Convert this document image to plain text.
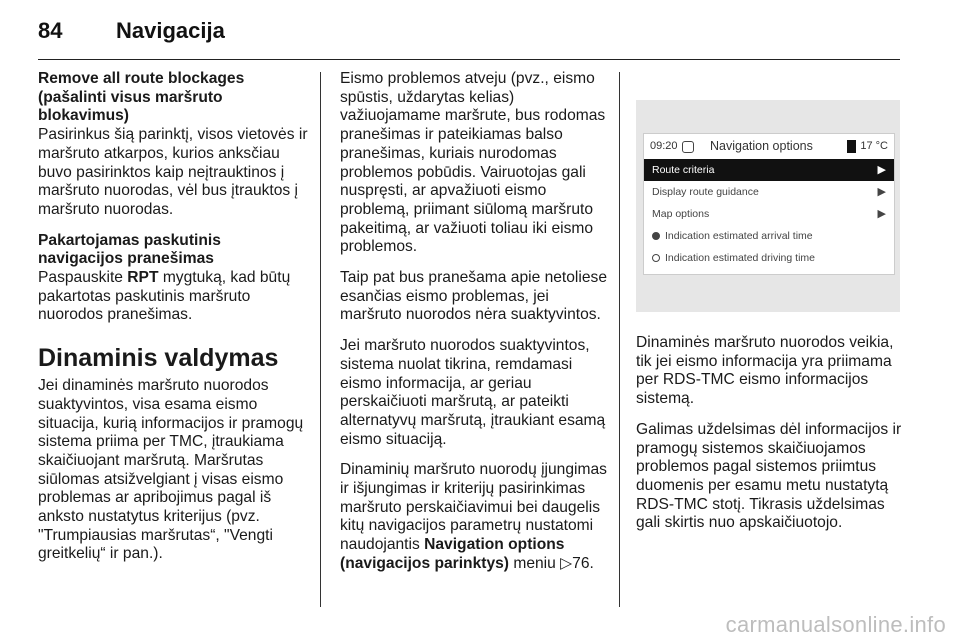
84 Navigacija

Remove all route blockages (pašalinti visus maršruto blokavimus)

Pasirinkus šią parinktį, visos vietovės ir maršruto atkarpos, kurios anksčiau buvo pasirinktos kaip neįtrauktinos į maršruto nuorodas, vėl bus įtrauktos į maršruto nuorodas.

Pakartojamas paskutinis navigacijos pranešimas

Paspauskite RPT mygtuką, kad būtų pakartotas paskutinis maršruto nuorodos pranešimas.

Dinaminis valdymas

Jei dinaminės maršruto nuorodos suaktyvintos, visa esama eismo situacija, kurią informacijos ir pramogų sistema priima per TMC, įtraukiama skaičiuojant maršrutą. Maršrutas siūlomas atsižvelgiant į visas eismo problemas ar apribojimus pagal iš anksto nustatytus kriterijus (pvz. "Trumpiausias maršrutas“, "Vengti greitkelių“ ir pan.).

Eismo problemos atveju (pvz., eismo spūstis, uždarytas kelias) važiuojamame maršrute, bus rodomas pranešimas ir pateikiamas balso pranešimas, kuriais nurodomas problemos pobūdis. Vairuotojas gali nuspręsti, ar apvažiuoti eismo problemą, priimant siūlomą maršruto pakeitimą, ar važiuoti toliau iki eismo problemos.

Taip pat bus pranešama apie netoliese esančias eismo problemas, jei maršruto nuorodos nėra suaktyvintos.

Jei maršruto nuorodos suaktyvintos, sistema nuolat tikrina, remdamasi eismo informacija, ar geriau perskaičiuoti maršrutą, ar pateikti alternatyvų maršrutą, įtraukiant esamą eismo situaciją.

Dinaminių maršruto nuorodų įjungimas ir išjungimas ir kriterijų pasirinkimas maršruto perskaičiavimui bei daugelis kitų navigacijos parametrų nustatomi naudojantis Navigation options (navigacijos parinktys) meniu ▷76.

09:20	Navigation options	17 °C
Route criteria	▶
Display route guidance	▶
Map options	▶
Indication estimated arrival time
Indication estimated driving time

Dinaminės maršruto nuorodos veikia, tik jei eismo informacija yra priimama per RDS-TMC eismo informacijos sistemą.

Galimas uždelsimas dėl informacijos ir pramogų sistemos skaičiuojamos problemos pagal sistemos priimtus duomenis per esamu metu nustatytą RDS-TMC stotį. Tikrasis uždelsimas gali skirtis nuo apskaičiuotojo.

carmanualsonline.info
